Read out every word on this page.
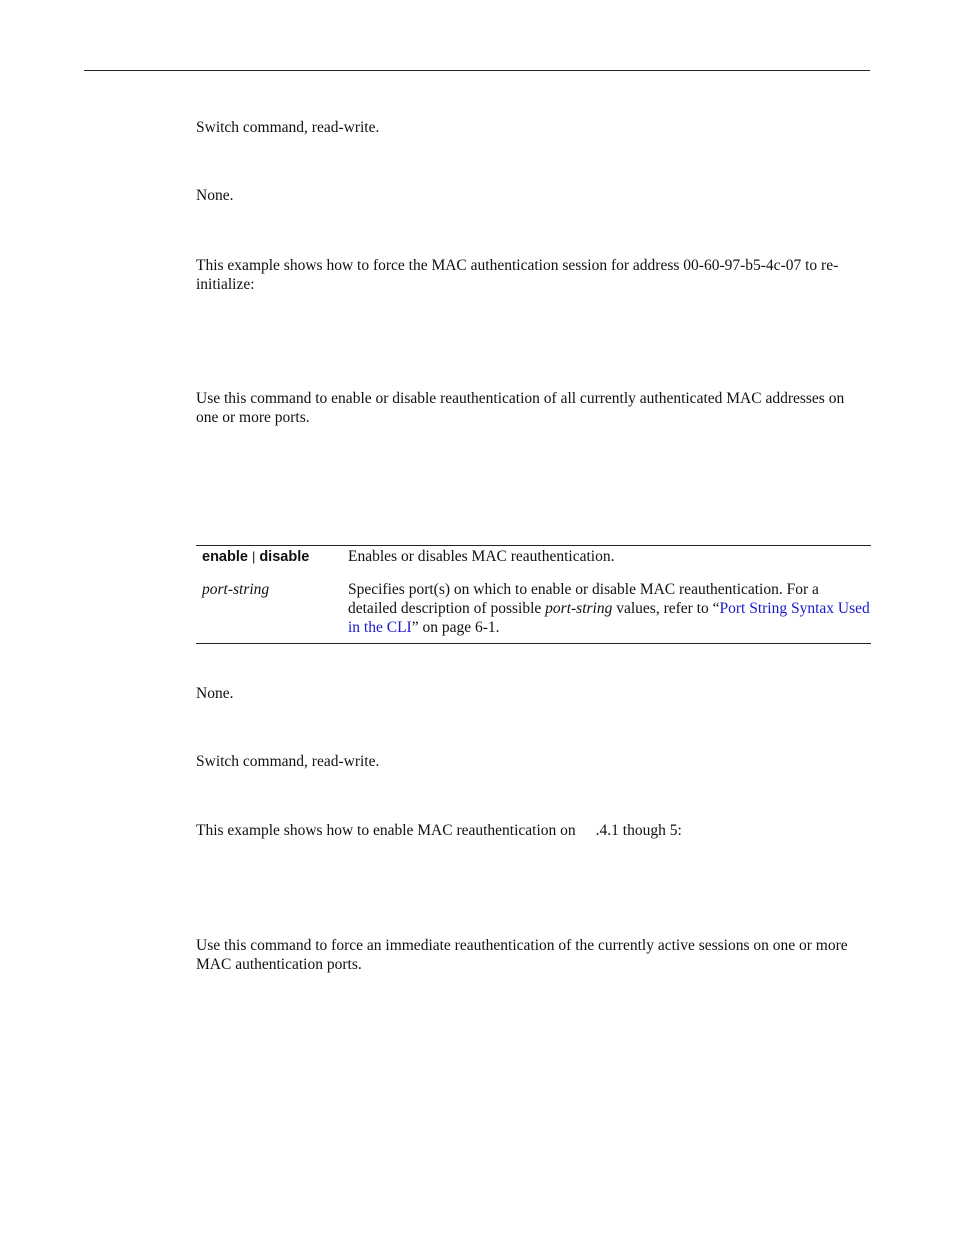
Switch command, read-write.

None.

This example shows how to force the MAC authentication session for address 00-60-97-b5-4c-07 to re-initialize:

Use this command to enable or disable reauthentication of all currently authenticated MAC addresses on one or more ports.

enable | disable	Enables or disables MAC reauthentication.
port-string	Specifies port(s) on which to enable or disable MAC reauthentication. For a detailed description of possible port-string values, refer to “Port String Syntax Used in the CLI” on page 6-1.

None.

Switch command, read-write.

This example shows how to enable MAC reauthentication on .4.1 though 5:

Use this command to force an immediate reauthentication of the currently active sessions on one or more MAC authentication ports.
